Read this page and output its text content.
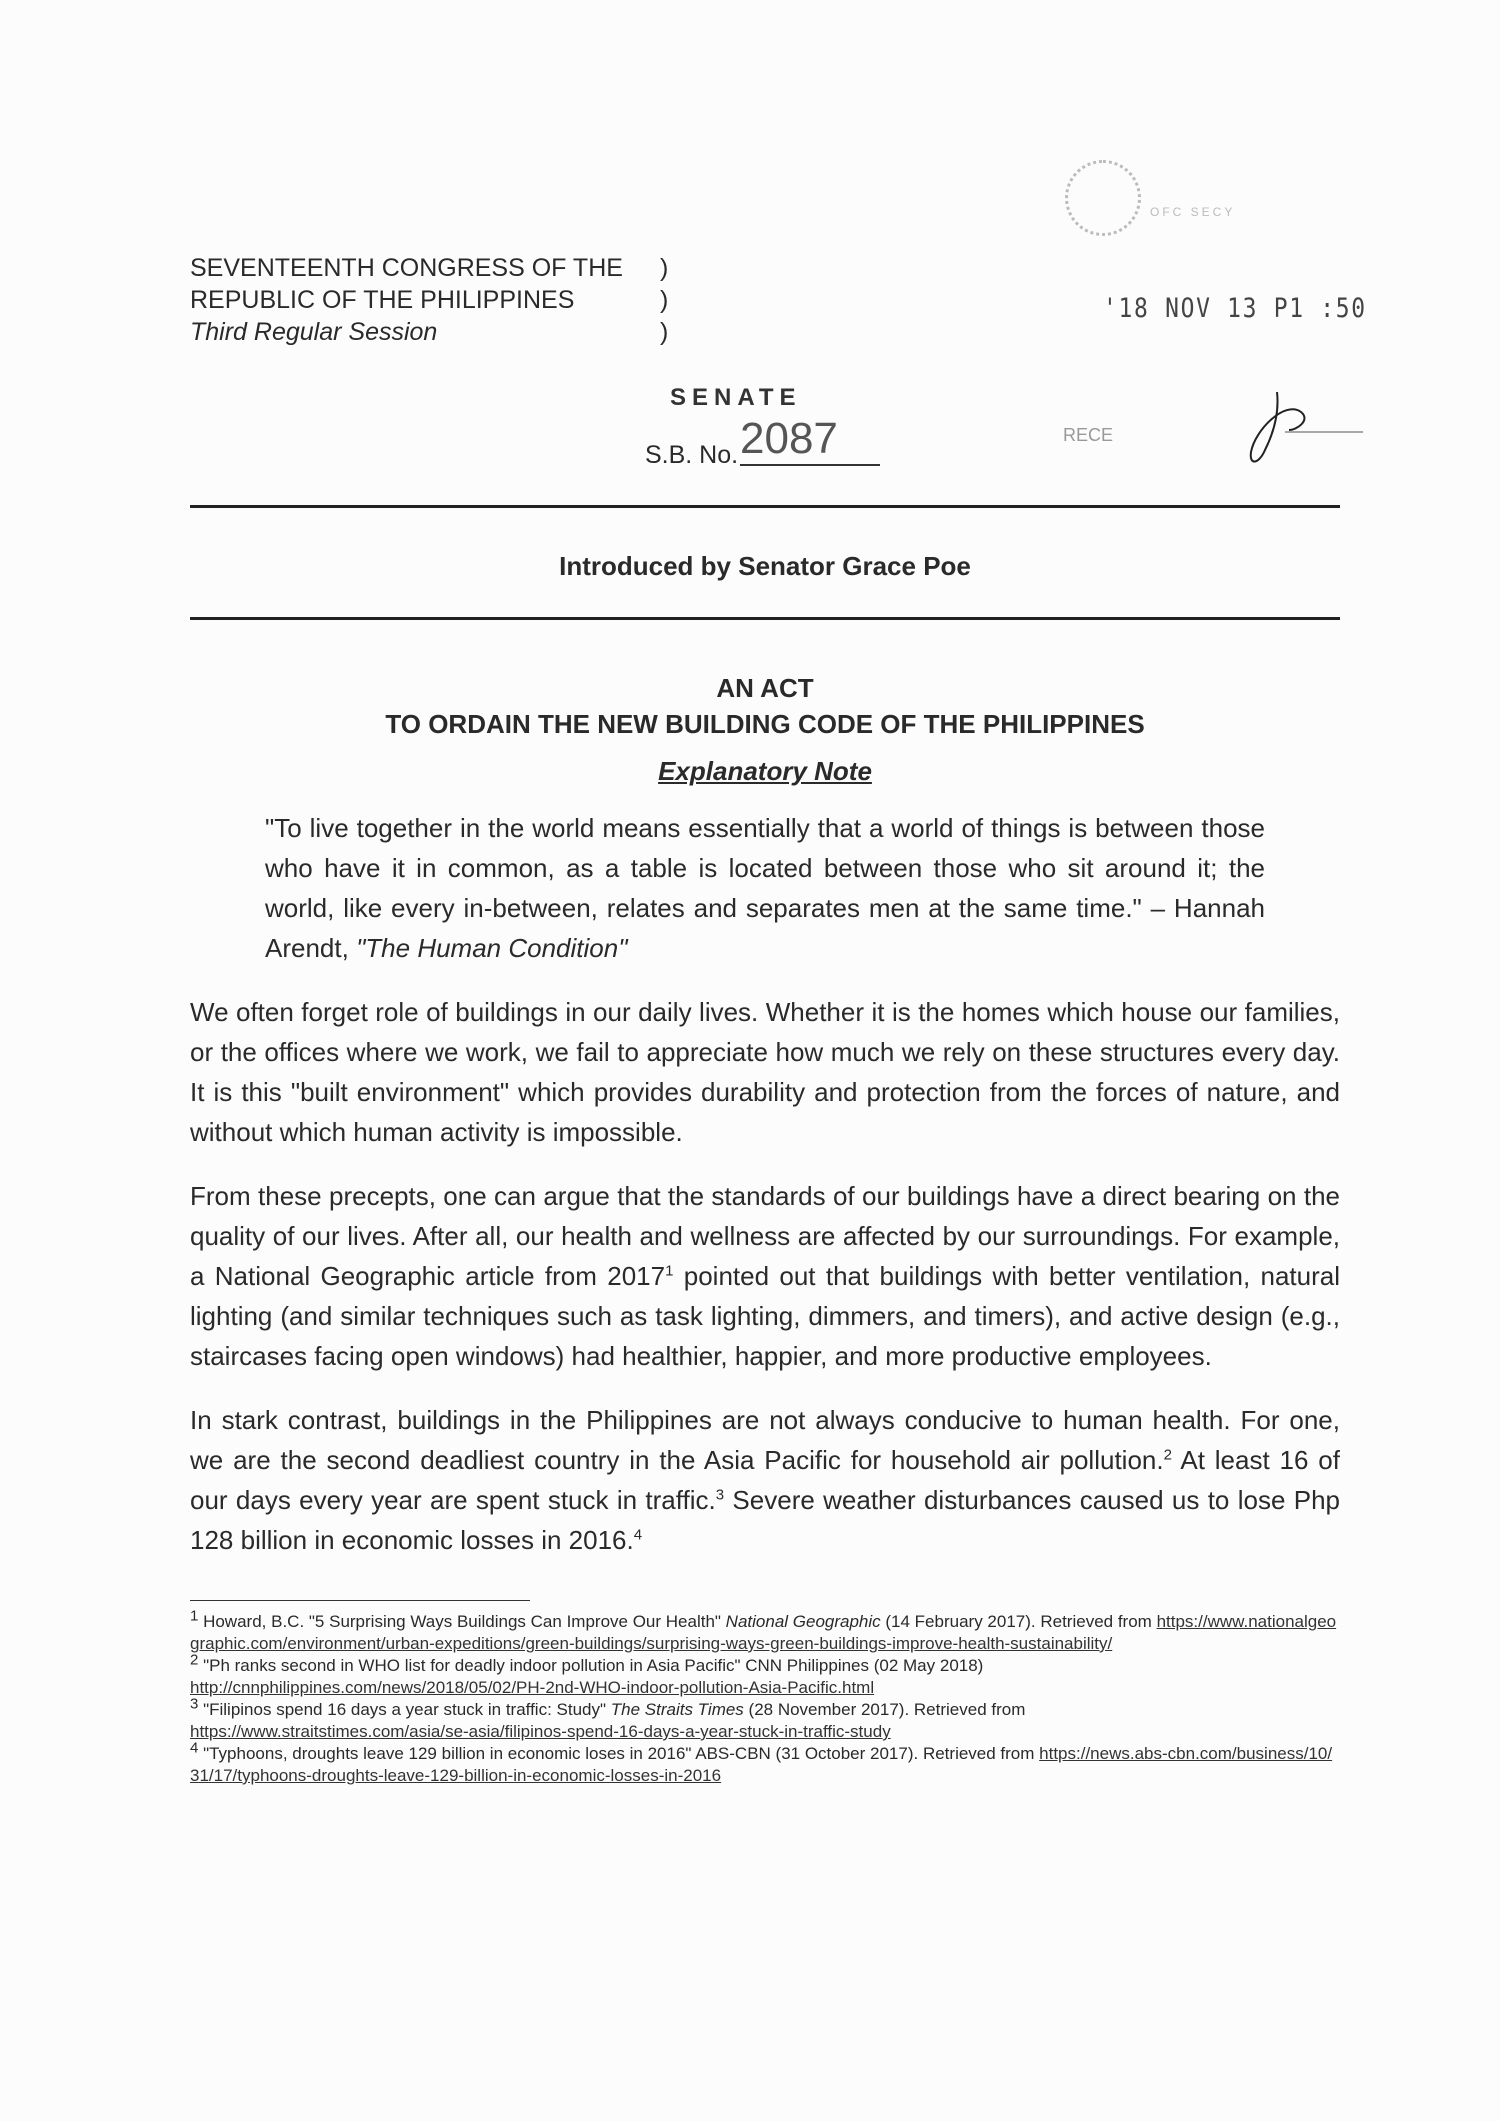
SEVENTEENTH CONGRESS OF THE
REPUBLIC OF THE PHILIPPINES
Third Regular Session
)
)
)
OFC SECY
'18 NOV 13 P1 :50
RECE
SENATE
S.B. No. 2087
Introduced by Senator Grace Poe
AN ACT
TO ORDAIN THE NEW BUILDING CODE OF THE PHILIPPINES
Explanatory Note
"To live together in the world means essentially that a world of things is between those who have it in common, as a table is located between those who sit around it; the world, like every in-between, relates and separates men at the same time." – Hannah Arendt, "The Human Condition"
We often forget role of buildings in our daily lives. Whether it is the homes which house our families, or the offices where we work, we fail to appreciate how much we rely on these structures every day. It is this "built environment" which provides durability and protection from the forces of nature, and without which human activity is impossible.
From these precepts, one can argue that the standards of our buildings have a direct bearing on the quality of our lives. After all, our health and wellness are affected by our surroundings. For example, a National Geographic article from 2017$^1$ pointed out that buildings with better ventilation, natural lighting (and similar techniques such as task lighting, dimmers, and timers), and active design (e.g., staircases facing open windows) had healthier, happier, and more productive employees.
In stark contrast, buildings in the Philippines are not always conducive to human health. For one, we are the second deadliest country in the Asia Pacific for household air pollution.$^2$ At least 16 of our days every year are spent stuck in traffic.$^3$ Severe weather disturbances caused us to lose Php 128 billion in economic losses in 2016.$^4$

$^1$ Howard, B.C. "5 Surprising Ways Buildings Can Improve Our Health" National Geographic (14 February 2017). Retrieved from https://www.nationalgeographic.com/environment/urban-expeditions/green-buildings/surprising-ways-green-buildings-improve-health-sustainability/

$^2$ "Ph ranks second in WHO list for deadly indoor pollution in Asia Pacific" CNN Philippines (02 May 2018)
http://cnnphilippines.com/news/2018/05/02/PH-2nd-WHO-indoor-pollution-Asia-Pacific.html

$^3$ "Filipinos spend 16 days a year stuck in traffic: Study" The Straits Times (28 November 2017). Retrieved from
https://www.straitstimes.com/asia/se-asia/filipinos-spend-16-days-a-year-stuck-in-traffic-study

$^4$ "Typhoons, droughts leave 129 billion in economic loses in 2016" ABS-CBN (31 October 2017). Retrieved from https://news.abs-cbn.com/business/10/31/17/typhoons-droughts-leave-129-billion-in-economic-losses-in-2016
